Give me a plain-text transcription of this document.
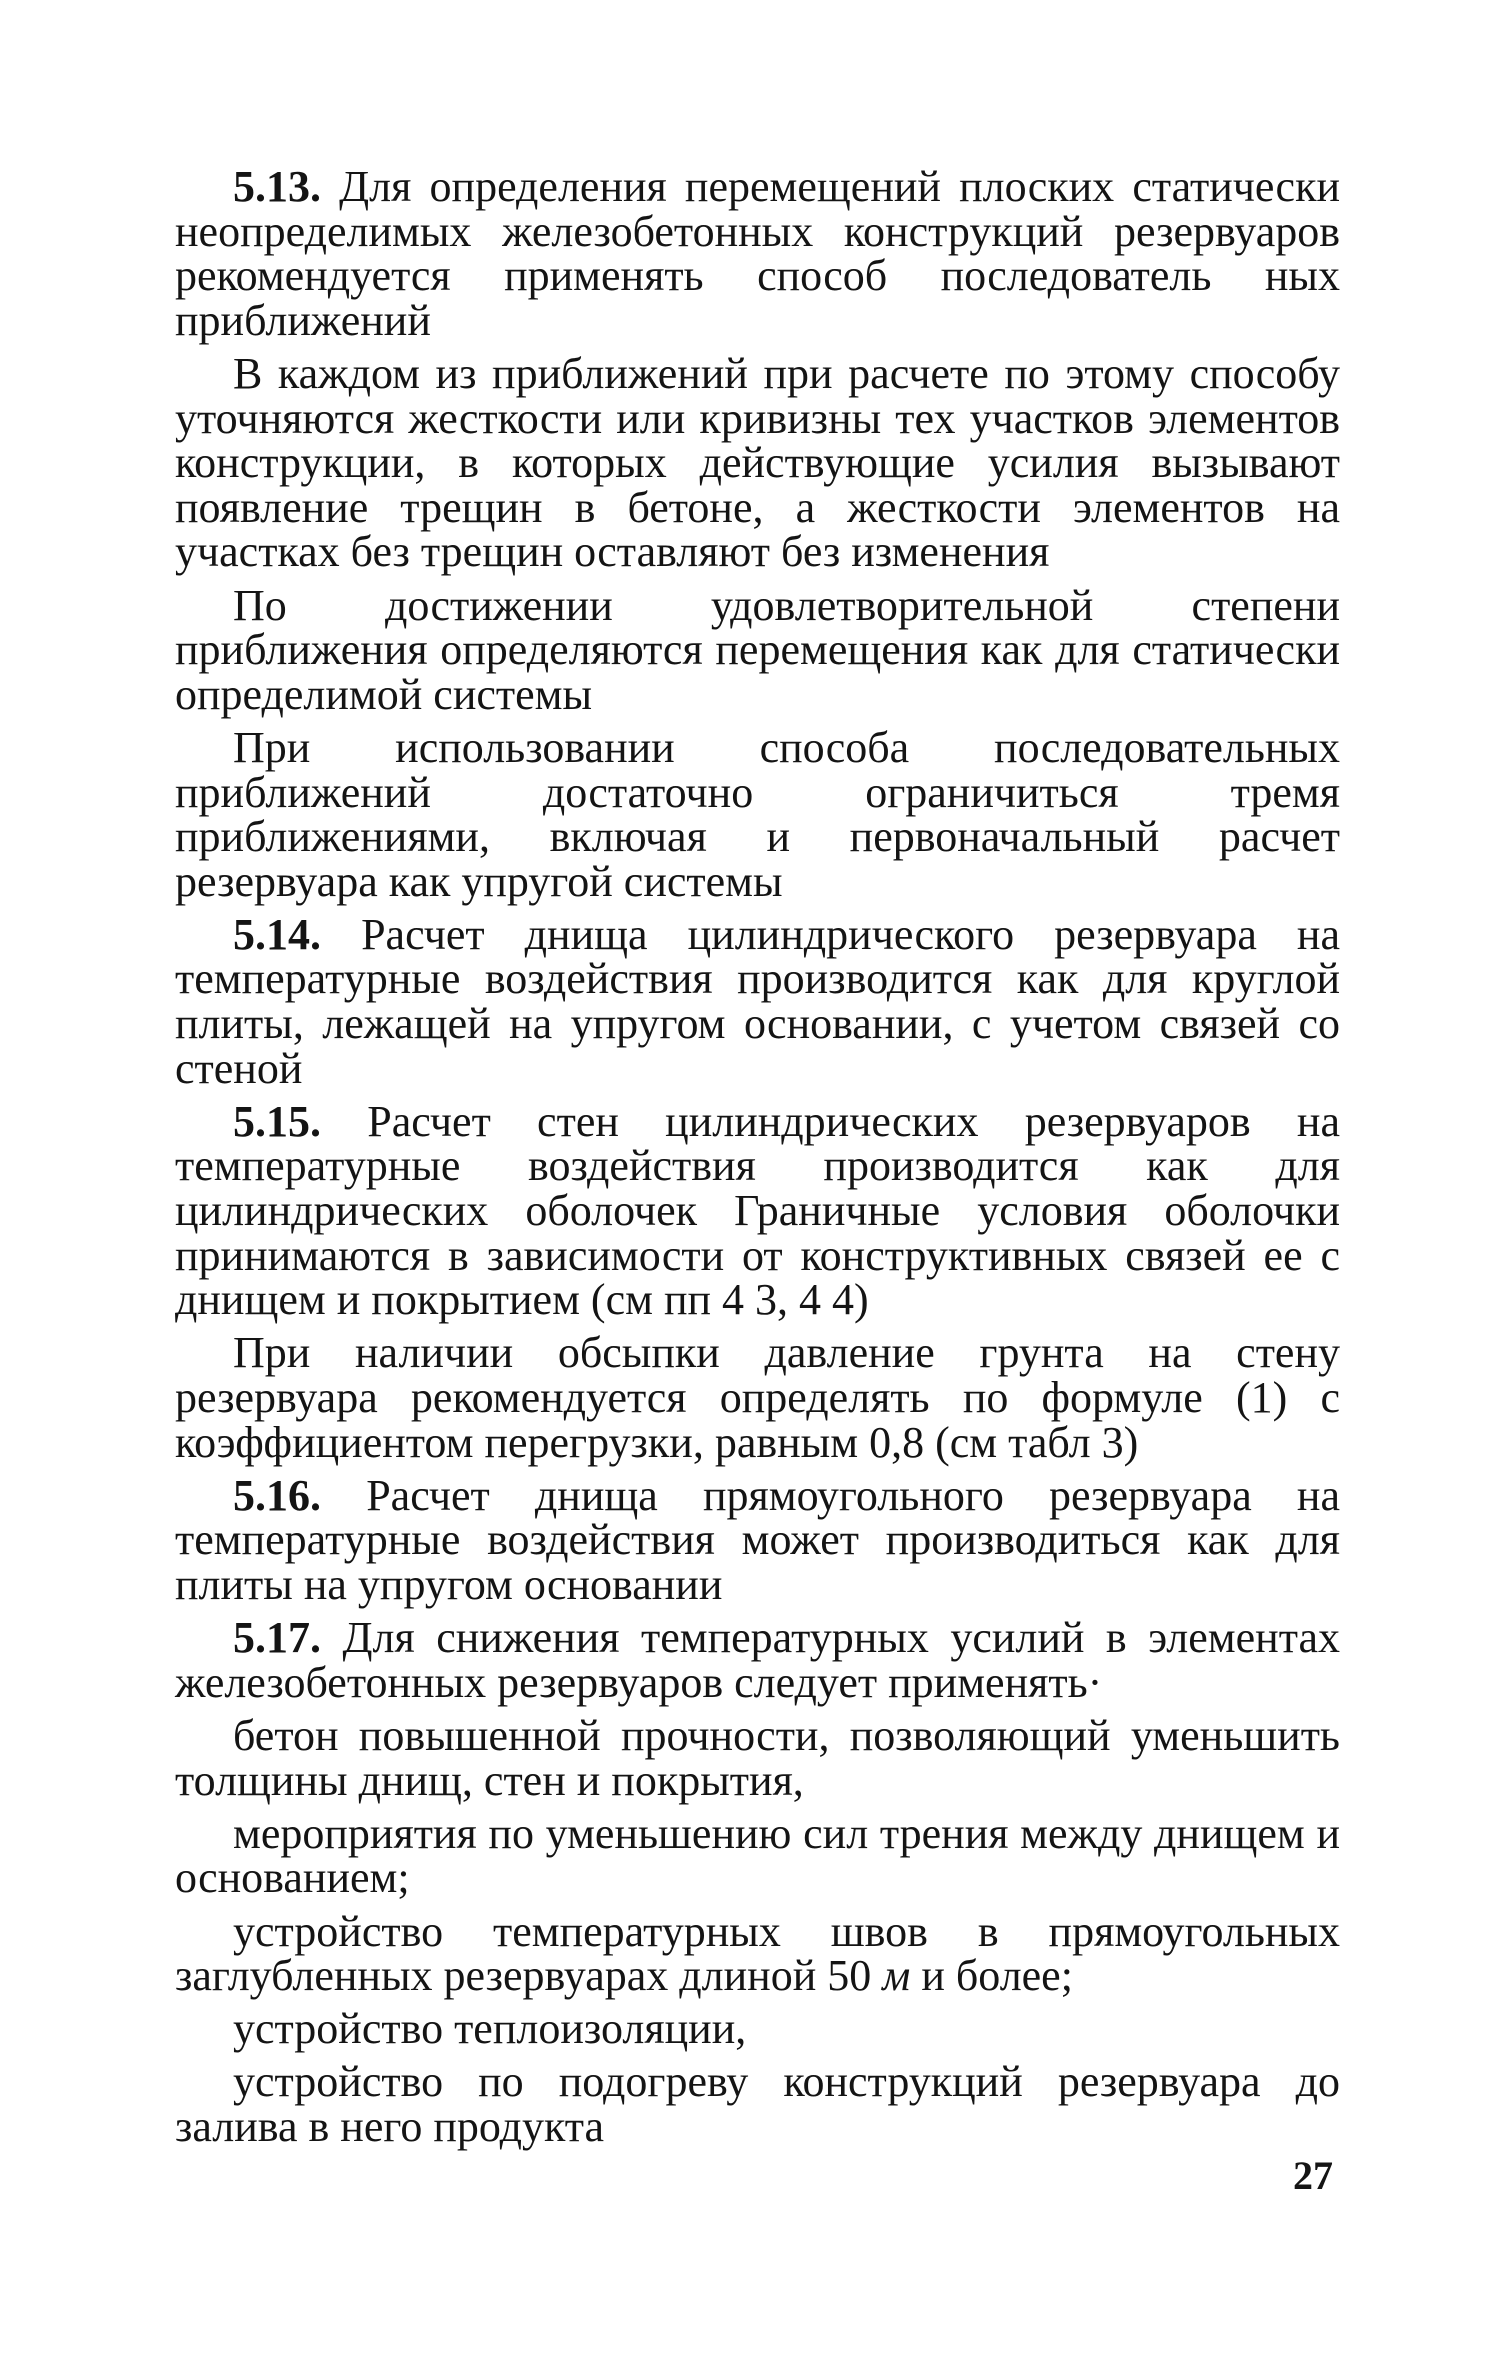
5.13. Для определения перемещений плоских статически неопределимых железобетонных конструкций резервуаров рекомендуется применять способ последователь ных приближений

В каждом из приближений при расчете по этому способу уточняются жесткости или кривизны тех участков элементов конструкции, в которых действующие усилия вызывают появление трещин в бетоне, а жесткости элементов на участках без трещин оставляют без изменения

По достижении удовлетворительной степени приближения определяются перемещения как для статически определимой системы

При использовании способа последовательных приближений достаточно ограничиться тремя приближениями, включая и первоначальный расчет резервуара как упругой системы

5.14. Расчет днища цилиндрического резервуара на температурные воздействия производится как для круглой плиты, лежащей на упругом основании, с учетом связей со стеной

5.15. Расчет стен цилиндрических резервуаров на температурные воздействия производится как для цилиндрических оболочек Граничные условия оболочки принимаются в зависимости от конструктивных связей ее с днищем и покрытием (см пп 4 3, 4 4)

При наличии обсыпки давление грунта на стену резервуара рекомендуется определять по формуле (1) с коэффициентом перегрузки, равным 0,8 (см табл 3)

5.16. Расчет днища прямоугольного резервуара на температурные воздействия может производиться как для плиты на упругом основании

5.17. Для снижения температурных усилий в элементах железобетонных резервуаров следует применять·

бетон повышенной прочности, позволяющий уменьшить толщины днищ, стен и покрытия,

мероприятия по уменьшению сил трения между днищем и основанием;

устройство температурных швов в прямоугольных заглубленных резервуарах длиной 50 м и более;

устройство теплоизоляции,

устройство по подогреву конструкций резервуара до залива в него продукта

27
